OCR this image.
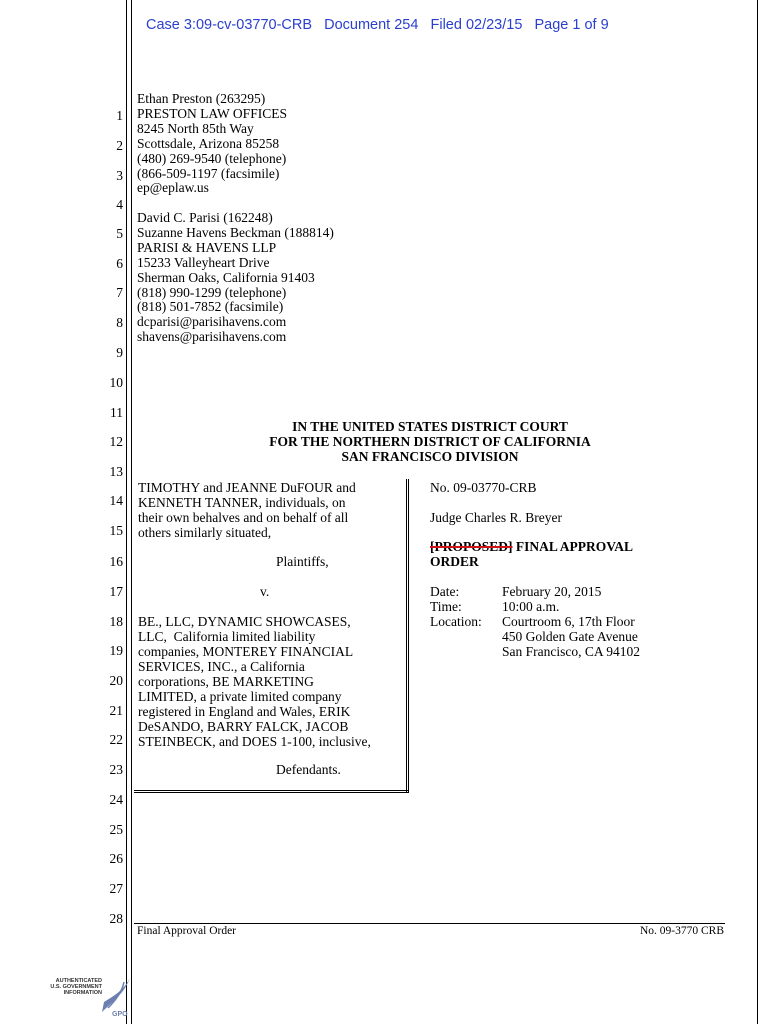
Case 3:09-cv-03770-CRB   Document 254   Filed 02/23/15   Page 1 of 9
1
2
3
4
5
6
7
8
9
10
11
12
13
14
15
16
17
18
19
20
21
22
23
24
25
26
27
28
Ethan Preston (263295)
PRESTON LAW OFFICES
8245 North 85th Way
Scottsdale, Arizona 85258
(480) 269-9540 (telephone)
(866-509-1197 (facsimile)
ep@eplaw.us
David C. Parisi (162248)
Suzanne Havens Beckman (188814)
PARISI & HAVENS LLP
15233 Valleyheart Drive
Sherman Oaks, California 91403
(818) 990-1299 (telephone)
(818) 501-7852 (facsimile)
dcparisi@parisihavens.com
shavens@parisihavens.com
IN THE UNITED STATES DISTRICT COURT
FOR THE NORTHERN DISTRICT OF CALIFORNIA
SAN FRANCISCO DIVISION
TIMOTHY and JEANNE DuFOUR and
KENNETH TANNER, individuals, on
their own behalves and on behalf of all
others similarly situated,
Plaintiffs,
v.
BE., LLC, DYNAMIC SHOWCASES,
LLC,  California limited liability
companies, MONTEREY FINANCIAL
SERVICES, INC., a California
corporations, BE MARKETING
LIMITED, a private limited company
registered in England and Wales, ERIK
DeSANDO, BARRY FALCK, JACOB
STEINBECK, and DOES 1-100, inclusive,
Defendants.
No. 09-03770-CRB
Judge Charles R. Breyer
[PROPOSED] FINAL APPROVAL
ORDER
Date:
Time:
Location:
February 20, 2015
10:00 a.m.
Courtroom 6, 17th Floor
450 Golden Gate Avenue
San Francisco, CA 94102
Final Approval Order	No. 09-3770 CRB
AUTHENTICATED
U.S. GOVERNMENT
INFORMATION
GPO
